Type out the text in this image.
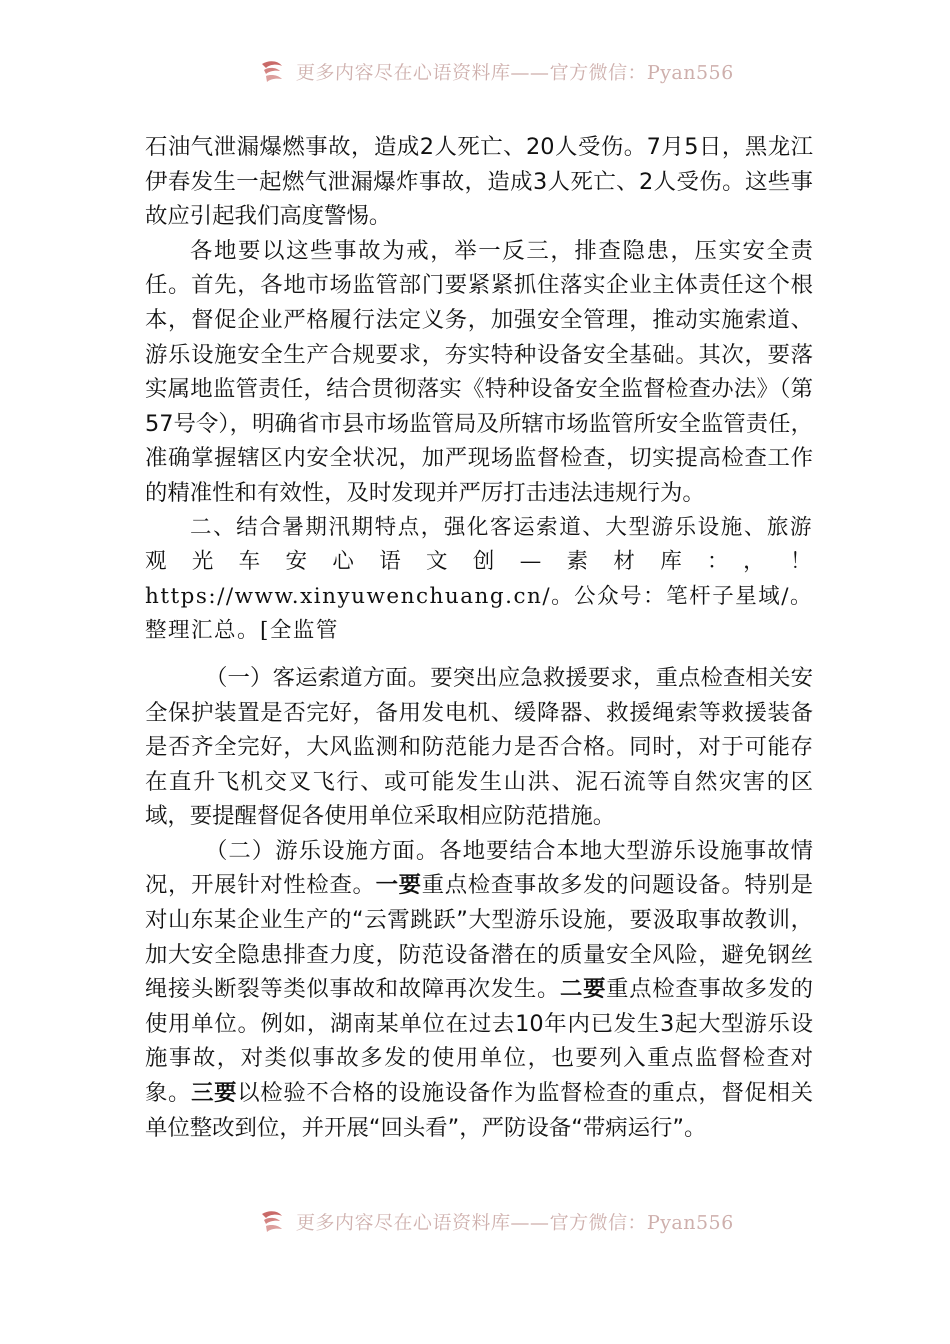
更多内容尽在心语资料库——官方微信：Pyan556

石油气泄漏爆燃事故，造成2人死亡、20人受伤。7月5日，黑龙江伊春发生一起燃气泄漏爆炸事故，造成3人死亡、2人受伤。这些事故应引起我们高度警惕。

各地要以这些事故为戒，举一反三，排查隐患，压实安全责任。首先，各地市场监管部门要紧紧抓住落实企业主体责任这个根本，督促企业严格履行法定义务，加强安全管理，推动实施索道、游乐设施安全生产合规要求，夯实特种设备安全基础。其次，要落实属地监管责任，结合贯彻落实《特种设备安全监督检查办法》（第57号令），明确省市县市场监管局及所辖市场监管所安全监管责任，准确掌握辖区内安全状况，加严现场监督检查，切实提高检查工作的精准性和有效性，及时发现并严厉打击违法违规行为。

二、结合暑期汛期特点，强化客运索道、大型游乐设施、旅游观光车安心语文创—素材库：，！ https://www.xinyuwenchuang.cn/。公众号：笔杆子星域/。整理汇总。[全监管

（一）客运索道方面。要突出应急救援要求，重点检查相关安全保护装置是否完好，备用发电机、缓降器、救援绳索等救援装备是否齐全完好，大风监测和防范能力是否合格。同时，对于可能存在直升飞机交叉飞行、或可能发生山洪、泥石流等自然灾害的区域，要提醒督促各使用单位采取相应防范措施。

（二）游乐设施方面。各地要结合本地大型游乐设施事故情况，开展针对性检查。一要重点检查事故多发的问题设备。特别是对山东某企业生产的“云霄跳跃”大型游乐设施，要汲取事故教训，加大安全隐患排查力度，防范设备潜在的质量安全风险，避免钢丝绳接头断裂等类似事故和故障再次发生。二要重点检查事故多发的使用单位。例如，湖南某单位在过去10年内已发生3起大型游乐设施事故，对类似事故多发的使用单位，也要列入重点监督检查对象。三要以检验不合格的设施设备作为监督检查的重点，督促相关单位整改到位，并开展“回头看”，严防设备“带病运行”。

更多内容尽在心语资料库——官方微信：Pyan556
